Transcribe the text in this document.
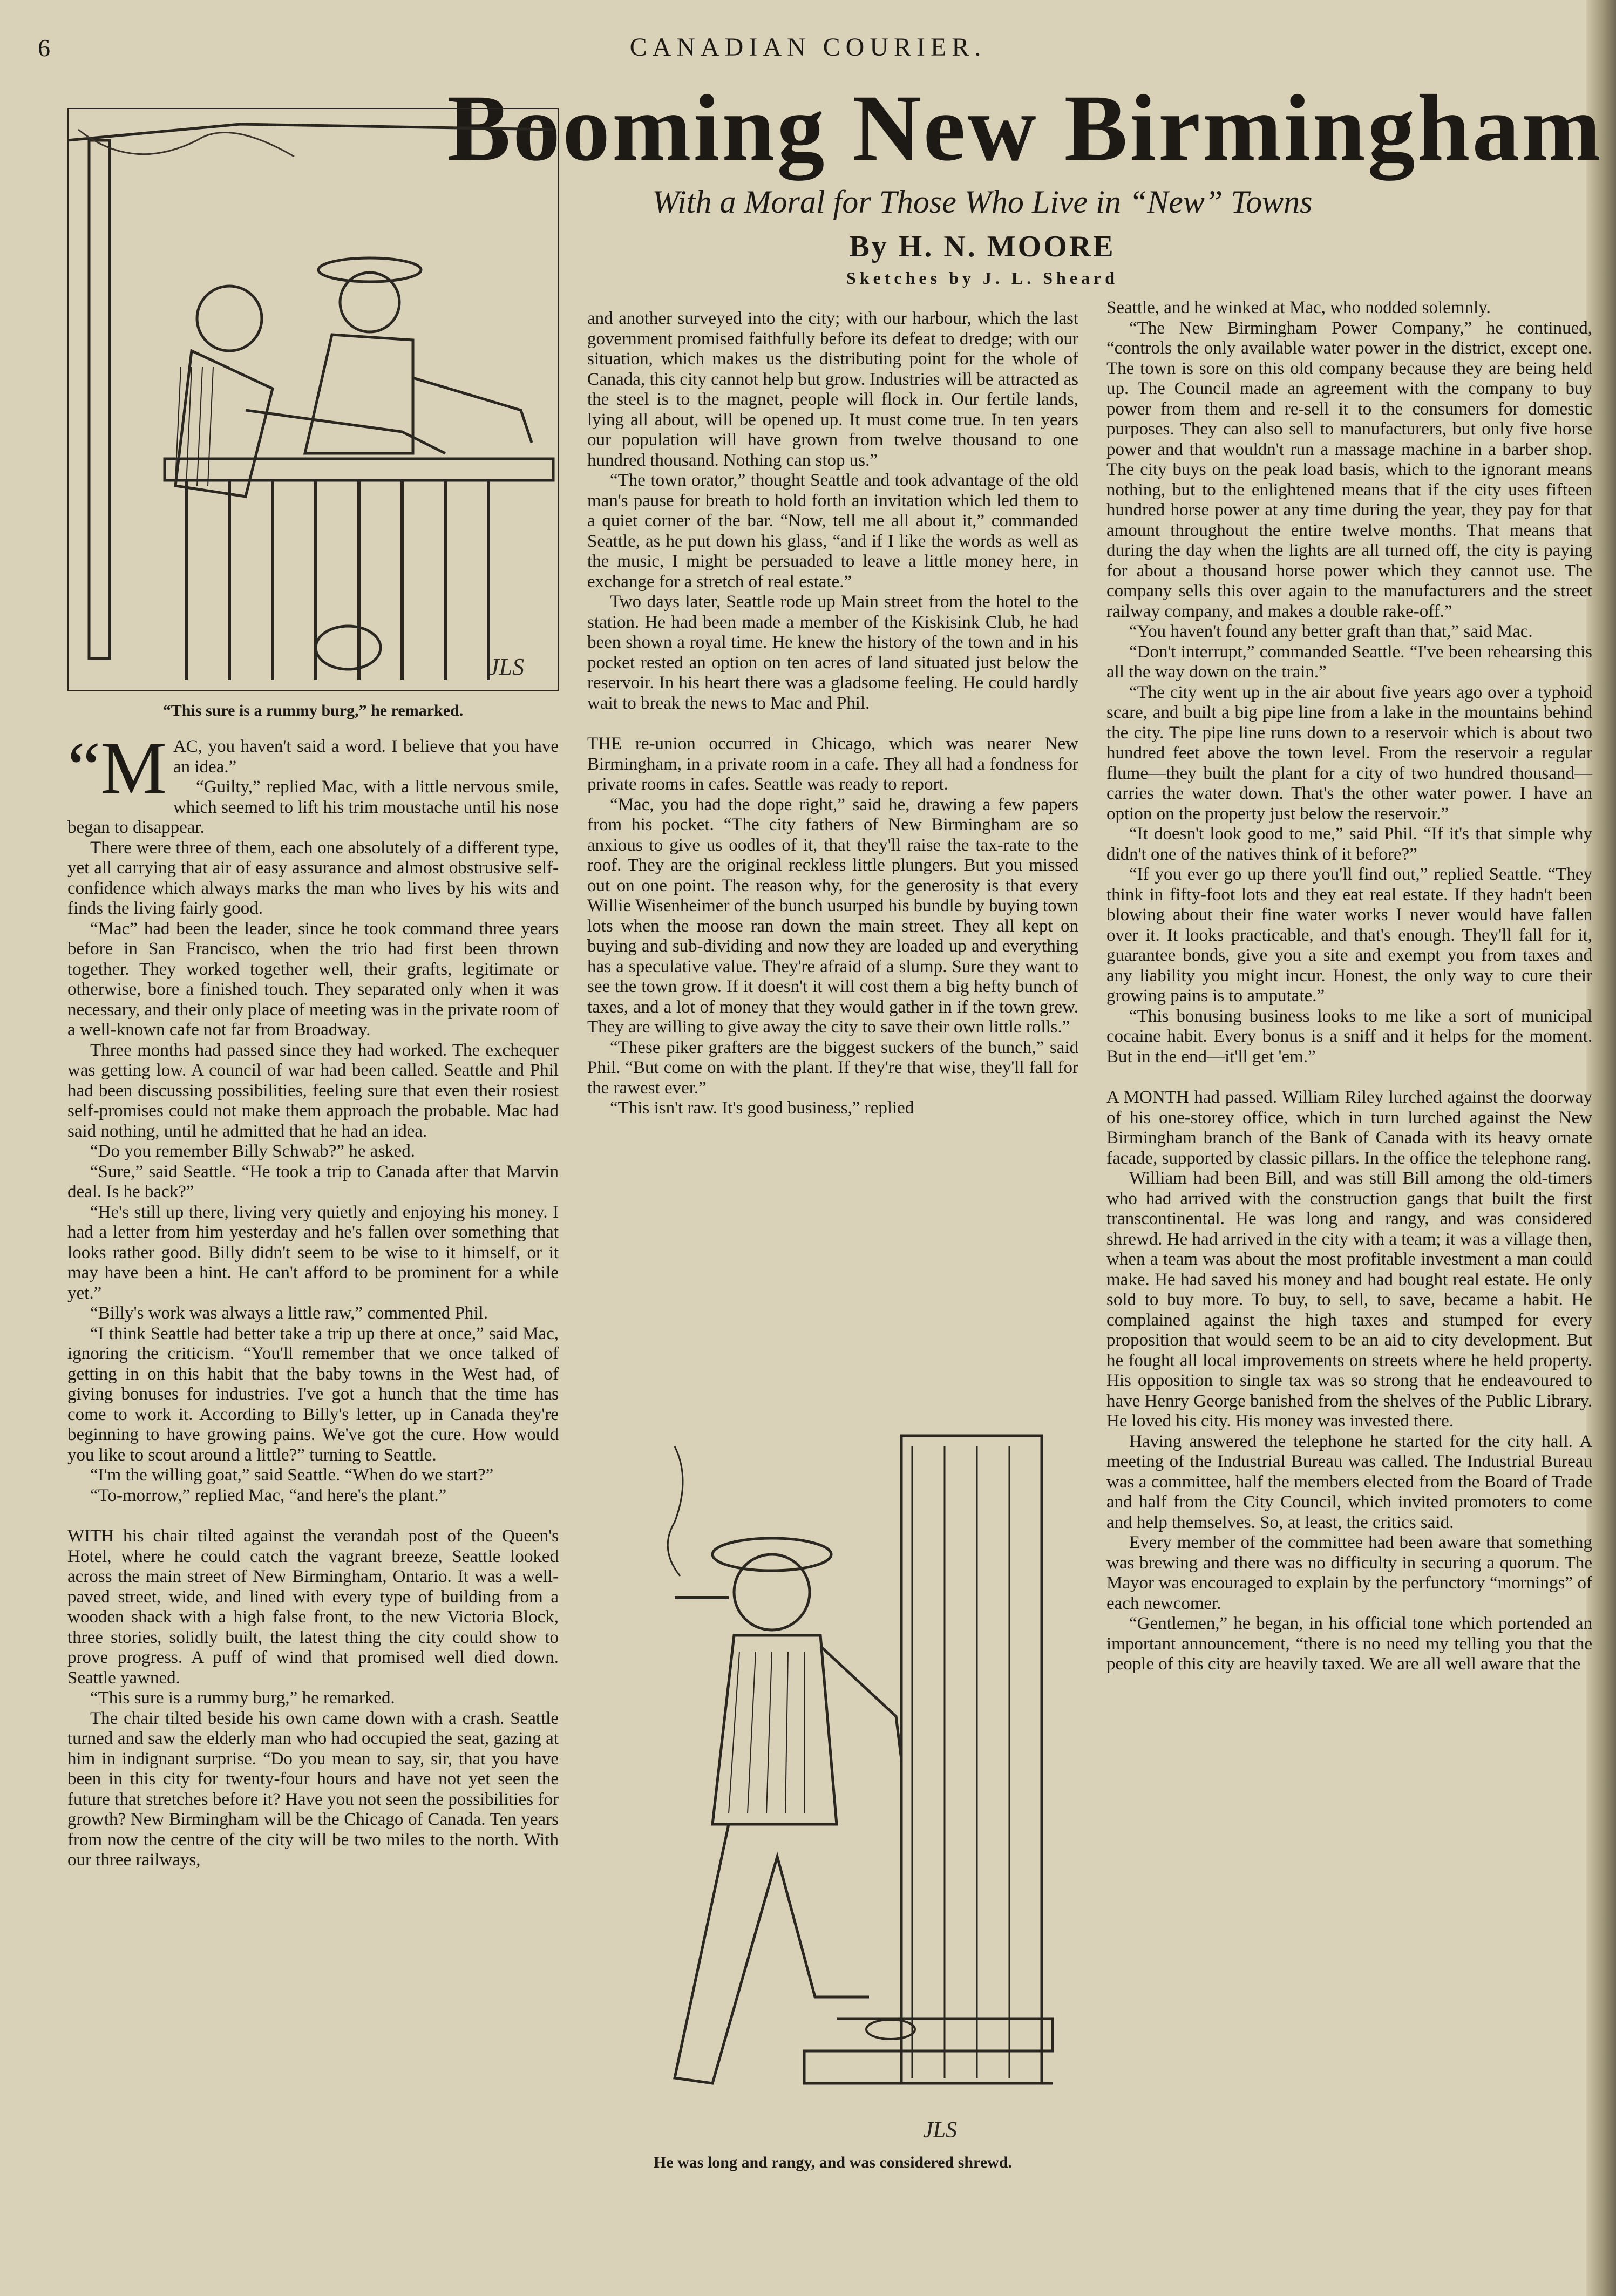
6	CANADIAN COURIER.
Booming New Birmingham
With a Moral for Those Who Live in “New” Towns
By H. N. MOORE
Sketches by J. L. Sheard
JLS
“This sure is a rummy burg,” he remarked.
JLS
He was long and rangy, and was considered shrewd.

“MAC, you haven't said a word. I believe that you have an idea.”

“Guilty,” replied Mac, with a little nervous smile, which seemed to lift his trim moustache until his nose began to disappear.

There were three of them, each one absolutely of a different type, yet all carrying that air of easy assurance and almost obstrusive self-confidence which always marks the man who lives by his wits and finds the living fairly good.

“Mac” had been the leader, since he took command three years before in San Francisco, when the trio had first been thrown together. They worked together well, their grafts, legitimate or otherwise, bore a finished touch. They separated only when it was necessary, and their only place of meeting was in the private room of a well-known cafe not far from Broadway.

Three months had passed since they had worked. The exchequer was getting low. A council of war had been called. Seattle and Phil had been discussing possibilities, feeling sure that even their rosiest self-promises could not make them approach the probable. Mac had said nothing, until he admitted that he had an idea.

“Do you remember Billy Schwab?” he asked.

“Sure,” said Seattle. “He took a trip to Canada after that Marvin deal. Is he back?”

“He's still up there, living very quietly and enjoying his money. I had a letter from him yesterday and he's fallen over something that looks rather good. Billy didn't seem to be wise to it himself, or it may have been a hint. He can't afford to be prominent for a while yet.”

“Billy's work was always a little raw,” commented Phil.

“I think Seattle had better take a trip up there at once,” said Mac, ignoring the criticism. “You'll remember that we once talked of getting in on this habit that the baby towns in the West had, of giving bonuses for industries. I've got a hunch that the time has come to work it. According to Billy's letter, up in Canada they're beginning to have growing pains. We've got the cure. How would you like to scout around a little?” turning to Seattle.

“I'm the willing goat,” said Seattle. “When do we start?”

“To-morrow,” replied Mac, “and here's the plant.”

WITH his chair tilted against the verandah post of the Queen's Hotel, where he could catch the vagrant breeze, Seattle looked across the main street of New Birmingham, Ontario. It was a well-paved street, wide, and lined with every type of building from a wooden shack with a high false front, to the new Victoria Block, three stories, solidly built, the latest thing the city could show to prove progress. A puff of wind that promised well died down. Seattle yawned.

“This sure is a rummy burg,” he remarked.

The chair tilted beside his own came down with a crash. Seattle turned and saw the elderly man who had occupied the seat, gazing at him in indignant surprise. “Do you mean to say, sir, that you have been in this city for twenty-four hours and have not yet seen the future that stretches before it? Have you not seen the possibilities for growth? New Birmingham will be the Chicago of Canada. Ten years from now the centre of the city will be two miles to the north. With our three railways,

and another surveyed into the city; with our harbour, which the last government promised faithfully before its defeat to dredge; with our situation, which makes us the distributing point for the whole of Canada, this city cannot help but grow. Industries will be attracted as the steel is to the magnet, people will flock in. Our fertile lands, lying all about, will be opened up. It must come true. In ten years our population will have grown from twelve thousand to one hundred thousand. Nothing can stop us.”

“The town orator,” thought Seattle and took advantage of the old man's pause for breath to hold forth an invitation which led them to a quiet corner of the bar. “Now, tell me all about it,” commanded Seattle, as he put down his glass, “and if I like the words as well as the music, I might be persuaded to leave a little money here, in exchange for a stretch of real estate.”

Two days later, Seattle rode up Main street from the hotel to the station. He had been made a member of the Kiskisink Club, he had been shown a royal time. He knew the history of the town and in his pocket rested an option on ten acres of land situated just below the reservoir. In his heart there was a gladsome feeling. He could hardly wait to break the news to Mac and Phil.

THE re-union occurred in Chicago, which was nearer New Birmingham, in a private room in a cafe. They all had a fondness for private rooms in cafes. Seattle was ready to report.

“Mac, you had the dope right,” said he, drawing a few papers from his pocket. “The city fathers of New Birmingham are so anxious to give us oodles of it, that they'll raise the tax-rate to the roof. They are the original reckless little plungers. But you missed out on one point. The reason why, for the generosity is that every Willie Wisenheimer of the bunch usurped his bundle by buying town lots when the moose ran down the main street. They all kept on buying and sub-dividing and now they are loaded up and everything has a speculative value. They're afraid of a slump. Sure they want to see the town grow. If it doesn't it will cost them a big hefty bunch of taxes, and a lot of money that they would gather in if the town grew. They are willing to give away the city to save their own little rolls.”

“These piker grafters are the biggest suckers of the bunch,” said Phil. “But come on with the plant. If they're that wise, they'll fall for the rawest ever.”

“This isn't raw. It's good business,” replied

Seattle, and he winked at Mac, who nodded solemnly.

“The New Birmingham Power Company,” he continued, “controls the only available water power in the district, except one. The town is sore on this old company because they are being held up. The Council made an agreement with the company to buy power from them and re-sell it to the consumers for domestic purposes. They can also sell to manufacturers, but only five horse power and that wouldn't run a massage machine in a barber shop. The city buys on the peak load basis, which to the ignorant means nothing, but to the enlightened means that if the city uses fifteen hundred horse power at any time during the year, they pay for that amount throughout the entire twelve months. That means that during the day when the lights are all turned off, the city is paying for about a thousand horse power which they cannot use. The company sells this over again to the manufacturers and the street railway company, and makes a double rake-off.”

“You haven't found any better graft than that,” said Mac.

“Don't interrupt,” commanded Seattle. “I've been rehearsing this all the way down on the train.”

“The city went up in the air about five years ago over a typhoid scare, and built a big pipe line from a lake in the mountains behind the city. The pipe line runs down to a reservoir which is about two hundred feet above the town level. From the reservoir a regular flume—they built the plant for a city of two hundred thousand—carries the water down. That's the other water power. I have an option on the property just below the reservoir.”

“It doesn't look good to me,” said Phil. “If it's that simple why didn't one of the natives think of it before?”

“If you ever go up there you'll find out,” replied Seattle. “They think in fifty-foot lots and they eat real estate. If they hadn't been blowing about their fine water works I never would have fallen over it. It looks practicable, and that's enough. They'll fall for it, guarantee bonds, give you a site and exempt you from taxes and any liability you might incur. Honest, the only way to cure their growing pains is to amputate.”

“This bonusing business looks to me like a sort of municipal cocaine habit. Every bonus is a sniff and it helps for the moment. But in the end—it'll get 'em.”

A MONTH had passed. William Riley lurched against the doorway of his one-storey office, which in turn lurched against the New Birmingham branch of the Bank of Canada with its heavy ornate facade, supported by classic pillars. In the office the telephone rang.

William had been Bill, and was still Bill among the old-timers who had arrived with the construction gangs that built the first transcontinental. He was long and rangy, and was considered shrewd. He had arrived in the city with a team; it was a village then, when a team was about the most profitable investment a man could make. He had saved his money and had bought real estate. He only sold to buy more. To buy, to sell, to save, became a habit. He complained against the high taxes and stumped for every proposition that would seem to be an aid to city development. But he fought all local improvements on streets where he held property. His opposition to single tax was so strong that he endeavoured to have Henry George banished from the shelves of the Public Library. He loved his city. His money was invested there.

Having answered the telephone he started for the city hall. A meeting of the Industrial Bureau was called. The Industrial Bureau was a committee, half the members elected from the Board of Trade and half from the City Council, which invited promoters to come and help themselves. So, at least, the critics said.

Every member of the committee had been aware that something was brewing and there was no difficulty in securing a quorum. The Mayor was encouraged to explain by the perfunctory “mornings” of each newcomer.

“Gentlemen,” he began, in his official tone which portended an important announcement, “there is no need my telling you that the people of this city are heavily taxed. We are all well aware that the
